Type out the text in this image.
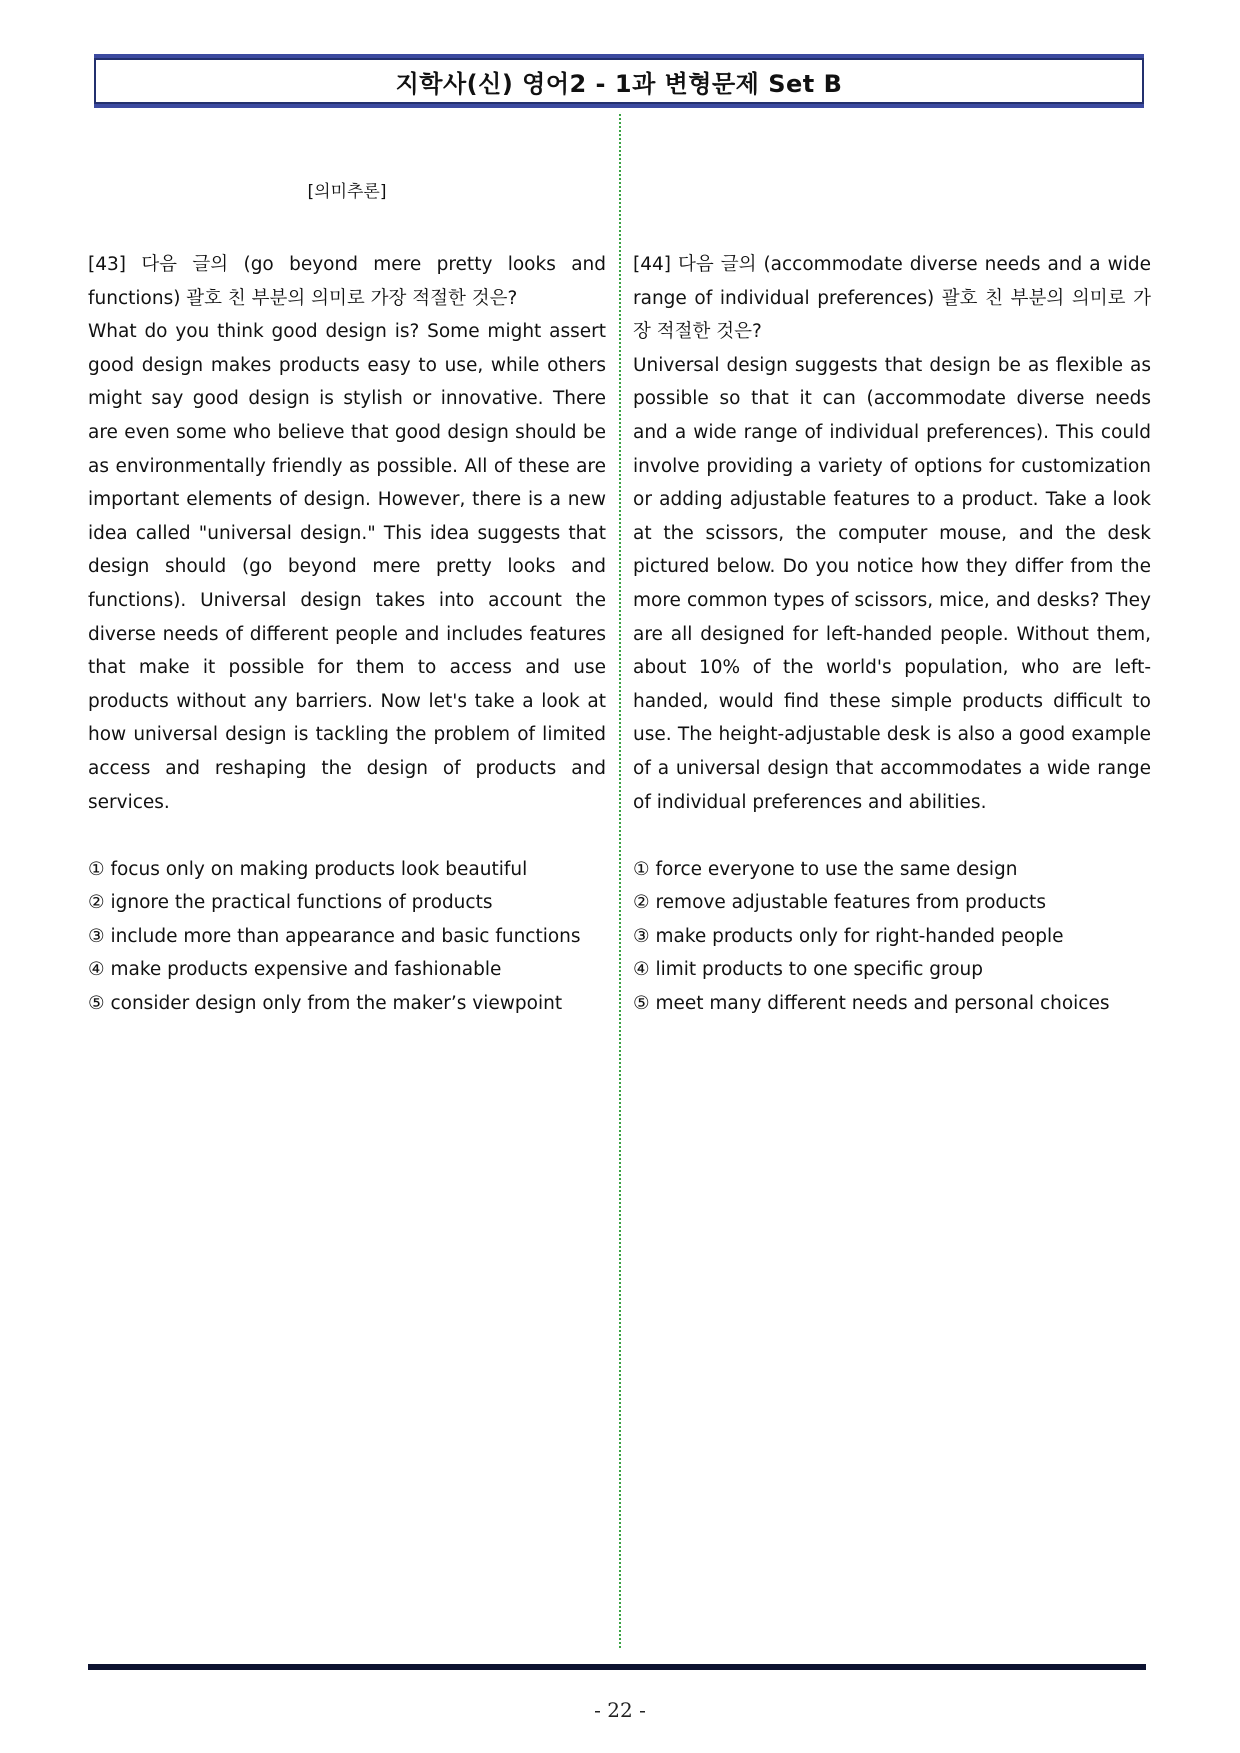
지학사(신) 영어2 - 1과 변형문제 Set B
[의미추론]

[43] 다음 글의 (go beyond mere pretty looks and functions) 괄호 친 부분의 의미로 가장 적절한 것은?

What do you think good design is? Some might assert good design makes products easy to use, while others might say good design is stylish or innovative. There are even some who believe that good design should be as environmentally friendly as possible. All of these are important elements of design. However, there is a new idea called "universal design." This idea suggests that design should (go beyond mere pretty looks and functions). Universal design takes into account the diverse needs of different people and includes features that make it possible for them to access and use products without any barriers. Now let's take a look at how universal design is tackling the problem of limited access and reshaping the design of products and services.

① focus only on making products look beautiful

② ignore the practical functions of products

③ include more than appearance and basic functions

④ make products expensive and fashionable

⑤ consider design only from the maker’s viewpoint

[44] 다음 글의 (accommodate diverse needs and a wide range of individual preferences) 괄호 친 부분의 의미로 가장 적절한 것은?

Universal design suggests that design be as flexible as possible so that it can (accommodate diverse needs and a wide range of individual preferences). This could involve providing a variety of options for customization or adding adjustable features to a product. Take a look at the scissors, the computer mouse, and the desk pictured below. Do you notice how they differ from the more common types of scissors, mice, and desks? They are all designed for left-handed people. Without them, about 10% of the world's population, who are left-handed, would find these simple products difficult to use. The height-adjustable desk is also a good example of a universal design that accommodates a wide range of individual preferences and abilities.

① force everyone to use the same design

② remove adjustable features from products

③ make products only for right-handed people

④ limit products to one specific group

⑤ meet many different needs and personal choices

- 22 -
